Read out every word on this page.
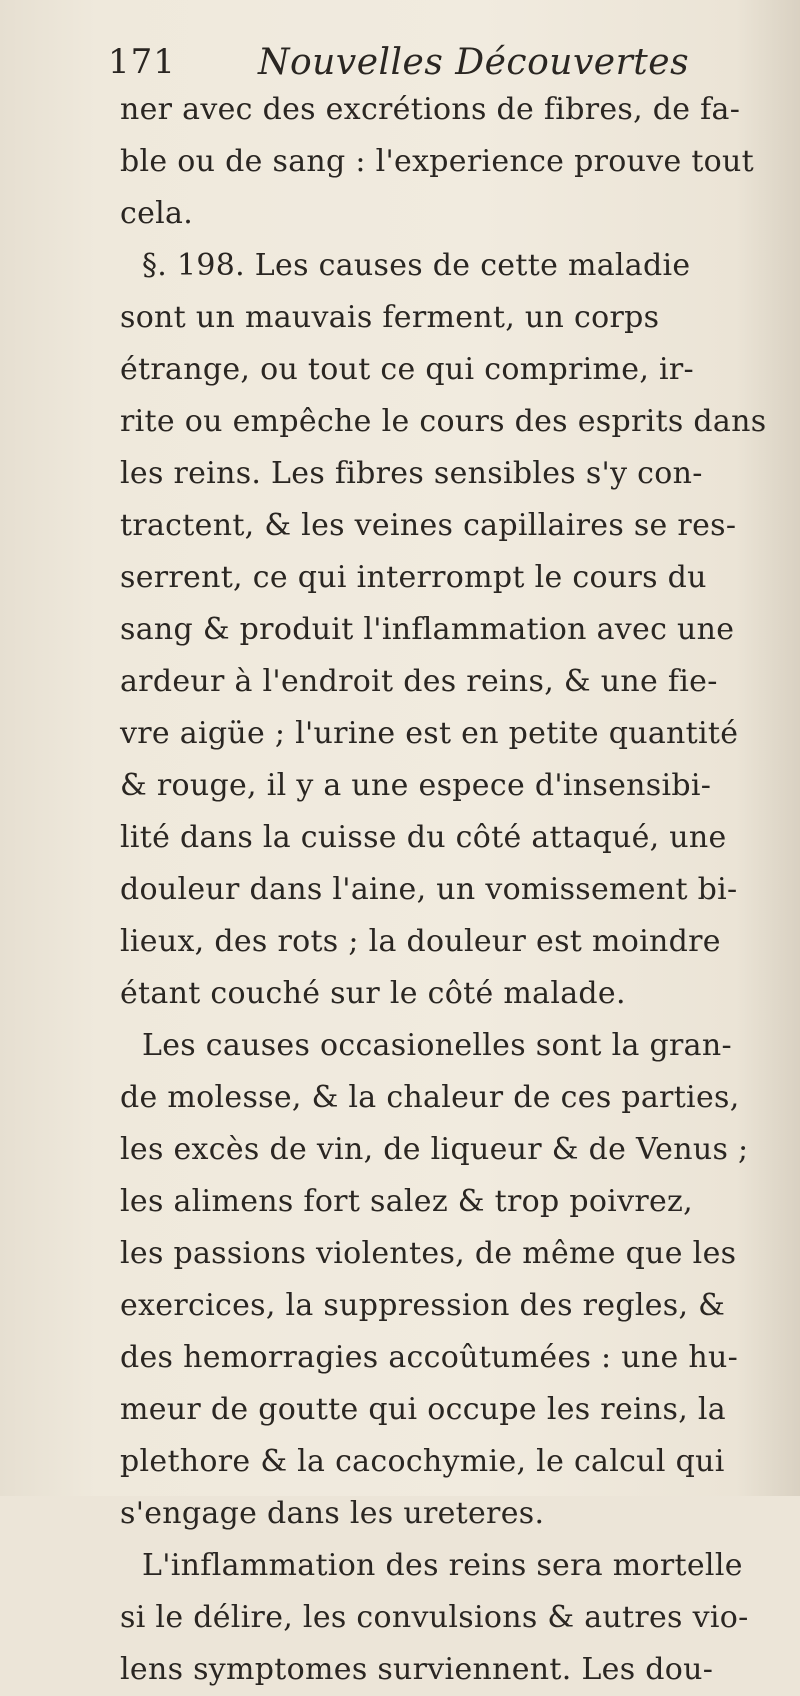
171 Nouvelles Découvertes
ner avec des excrétions de fibres, de fa-
ble ou de sang : l'experience prouve tout
cela.
§. 198. Les causes de cette maladie
sont un mauvais ferment, un corps
étrange, ou tout ce qui comprime, ir-
rite ou empêche le cours des esprits dans
les reins. Les fibres sensibles s'y con-
tractent, & les veines capillaires se res-
serrent, ce qui interrompt le cours du
sang & produit l'inflammation avec une
ardeur à l'endroit des reins, & une fie-
vre aigüe ; l'urine est en petite quantité
& rouge, il y a une espece d'insensibi-
lité dans la cuisse du côté attaqué, une
douleur dans l'aine, un vomissement bi-
lieux, des rots ; la douleur est moindre
étant couché sur le côté malade.
Les causes occasionelles sont la gran-
de molesse, & la chaleur de ces parties,
les excès de vin, de liqueur & de Venus ;
les alimens fort salez & trop poivrez,
les passions violentes, de même que les
exercices, la suppression des regles, &
des hemorragies accoûtumées : une hu-
meur de goutte qui occupe les reins, la
plethore & la cacochymie, le calcul qui
s'engage dans les ureteres.
L'inflammation des reins sera mortelle
si le délire, les convulsions & autres vio-
lens symptomes surviennent. Les dou-
